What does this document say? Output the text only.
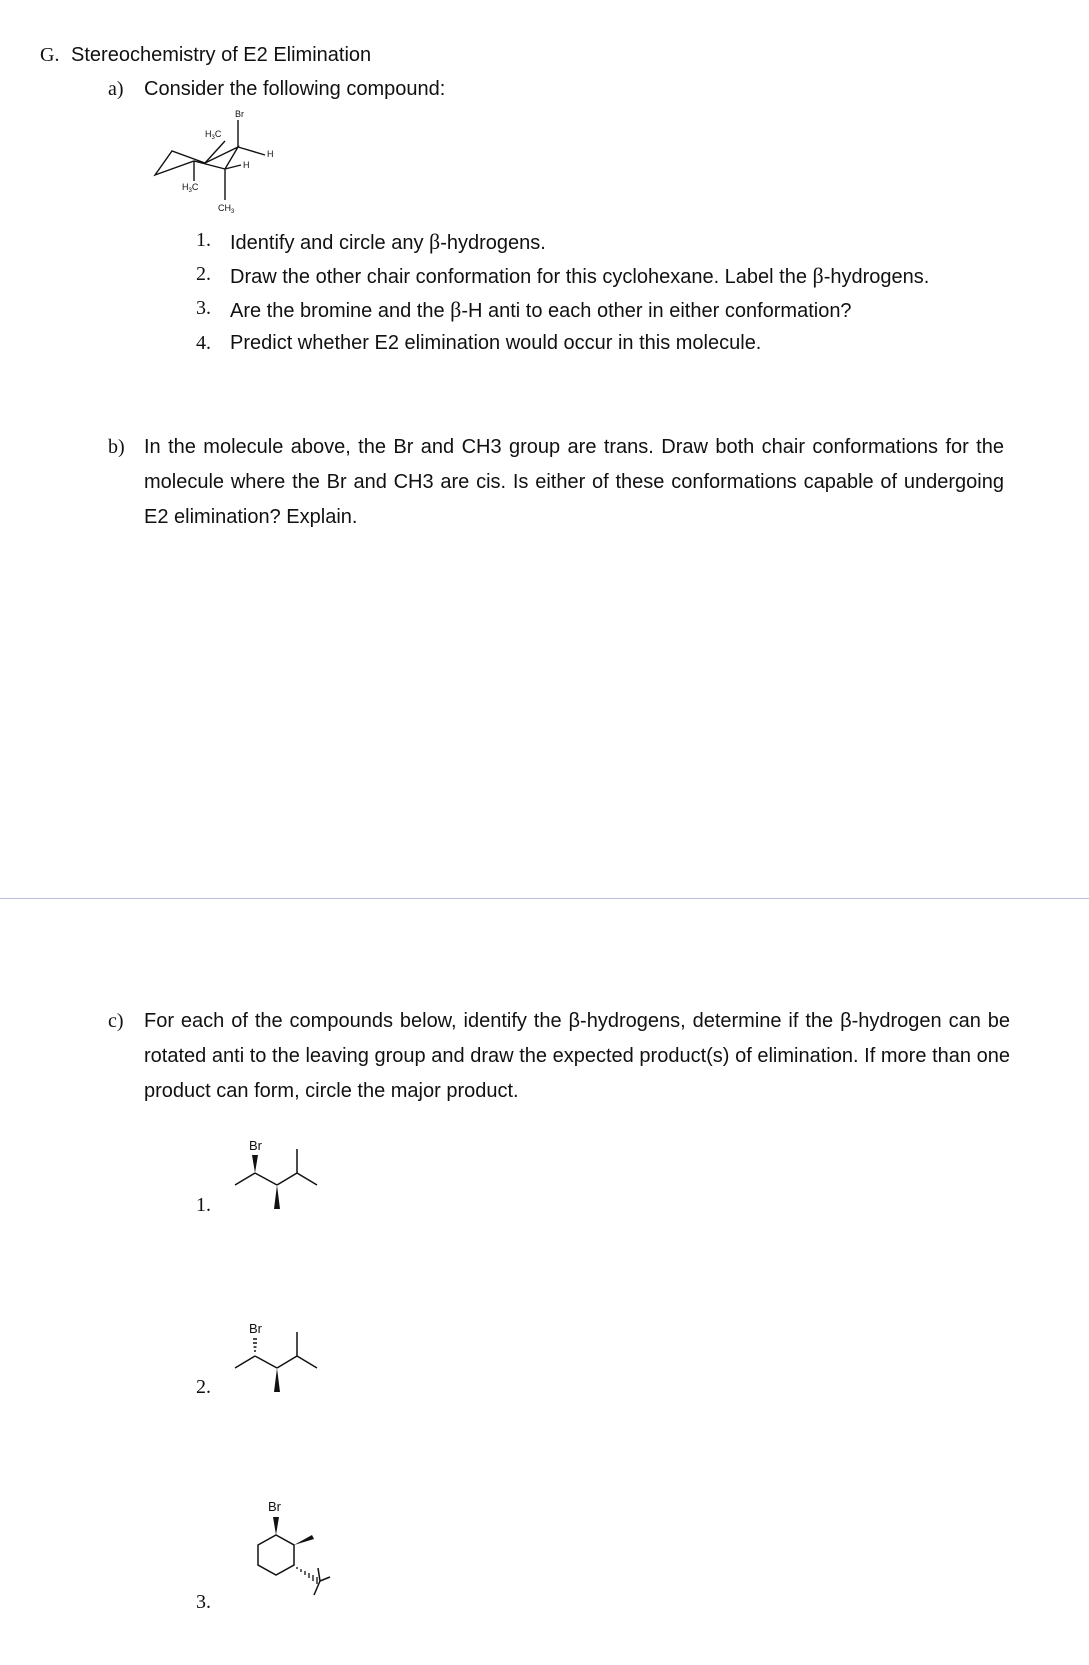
G. Stereochemistry of E2 Elimination
a) Consider the following compound:
Br
$H_3C$
H
H
$H_3C$
$CH_3$
1. Identify and circle any β-hydrogens.
2. Draw the other chair conformation for this cyclohexane. Label the β-hydrogens.
3. Are the bromine and the β-H anti to each other in either conformation?
4. Predict whether E2 elimination would occur in this molecule.
b) In the molecule above, the Br and CH3 group are trans. Draw both chair conformations for the molecule where the Br and CH3 are cis. Is either of these conformations capable of undergoing E2 elimination? Explain.
c) For each of the compounds below, identify the β-hydrogens, determine if the β-hydrogen can be rotated anti to the leaving group and draw the expected product(s) of elimination. If more than one product can form, circle the major product.
1.
Br
2.
Br
3.
Br
